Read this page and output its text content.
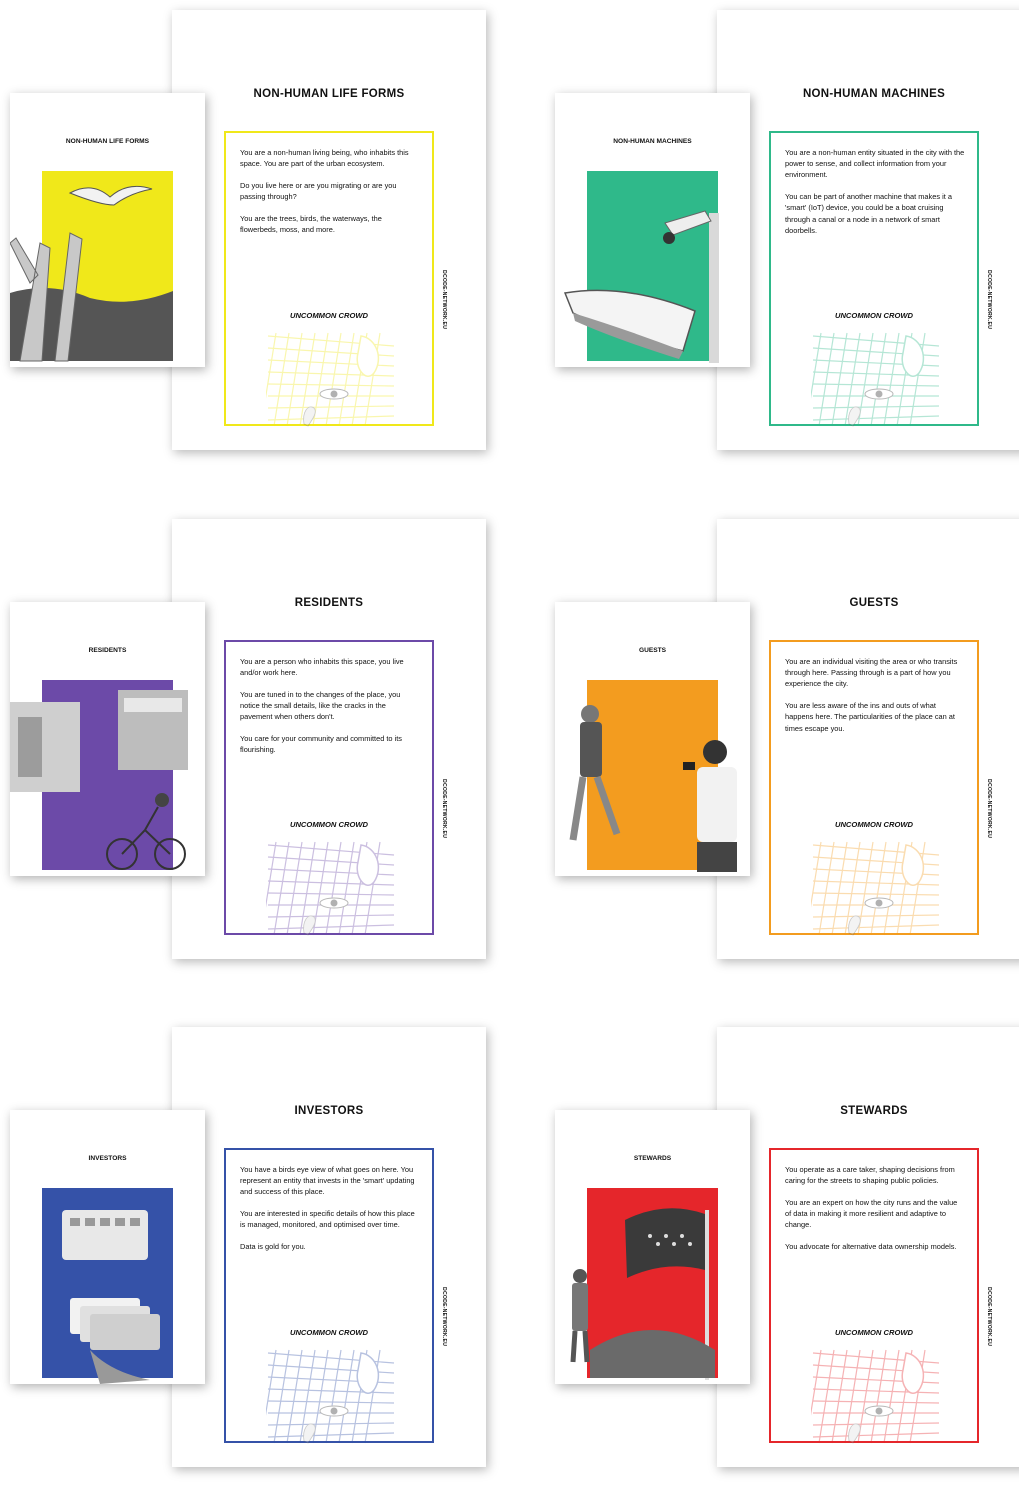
NON-HUMAN LIFE FORMS

You are a non-human living being, who inhabits this space. You are part of the urban ecosystem.

Do you live here or are you migrating or are you passing through?

You are the trees, birds, the waterways, the flowerbeds, moss, and more.

UNCOMMON CROWD	DCODE-NETWORK.EU
NON-HUMAN LIFE FORMS
NON-HUMAN MACHINES

You are a non-human entity situated in the city with the power to sense, and collect information from your environment.

You can be part of another machine that makes it a 'smart' (IoT) device, you could be a boat cruising through a canal or a node in a network of smart doorbells.

UNCOMMON CROWD	DCODE-NETWORK.EU
NON-HUMAN MACHINES
RESIDENTS

You are a person who inhabits this space, you live and/or work here.

You are tuned in to the changes of the place, you notice the small details, like the cracks in the pavement when others don't.

You care for your community and committed to its flourishing.

UNCOMMON CROWD	DCODE-NETWORK.EU
RESIDENTS
GUESTS

You are an individual visiting the area or who transits through here. Passing through is a part of how you experience the city.

You are less aware of the ins and outs of what happens here. The particularities of the place can at times escape you.

UNCOMMON CROWD	DCODE-NETWORK.EU
GUESTS
INVESTORS

You have a birds eye view of what goes on here. You represent an entity that invests in the 'smart' updating and success of this place.

You are interested in specific details of how this place is managed, monitored, and optimised over time.

Data is gold for you.

UNCOMMON CROWD	DCODE-NETWORK.EU
INVESTORS
STEWARDS

You operate as a care taker, shaping decisions from caring for the streets to shaping public policies.

You are an expert on how the city runs and the value of data in making it more resilient and adaptive to change.

You advocate for alternative data ownership models.

UNCOMMON CROWD	DCODE-NETWORK.EU
STEWARDS
